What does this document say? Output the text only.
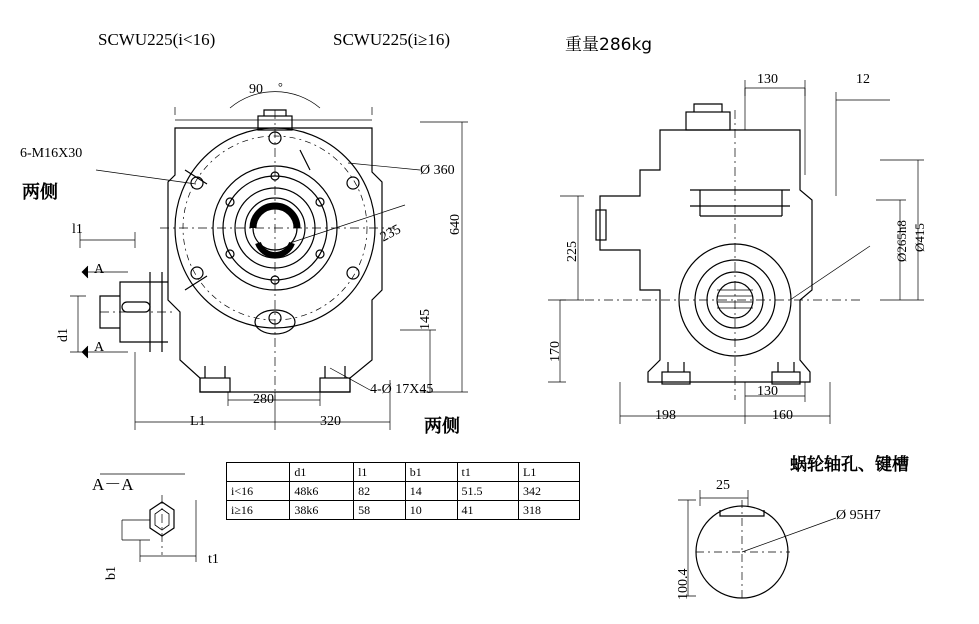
SCWU225(i<16)	SCWU225(i≥16)	重量286kg
6-M16X30
两侧
90 °
Ø 360
640
235
145
280
320
L1
l1
d1
A
A
4-Ø 17X45
两侧
130	12
225
170
130
198	160
Ø265h8 Ø415
蜗轮轴孔、键槽
A－A
b1
t1
25
100.4
Ø 95H7
	d1	l1	b1	t1	L1
i<16	48k6	82	14	51.5	342
i≥16	38k6	58	10	41	318
